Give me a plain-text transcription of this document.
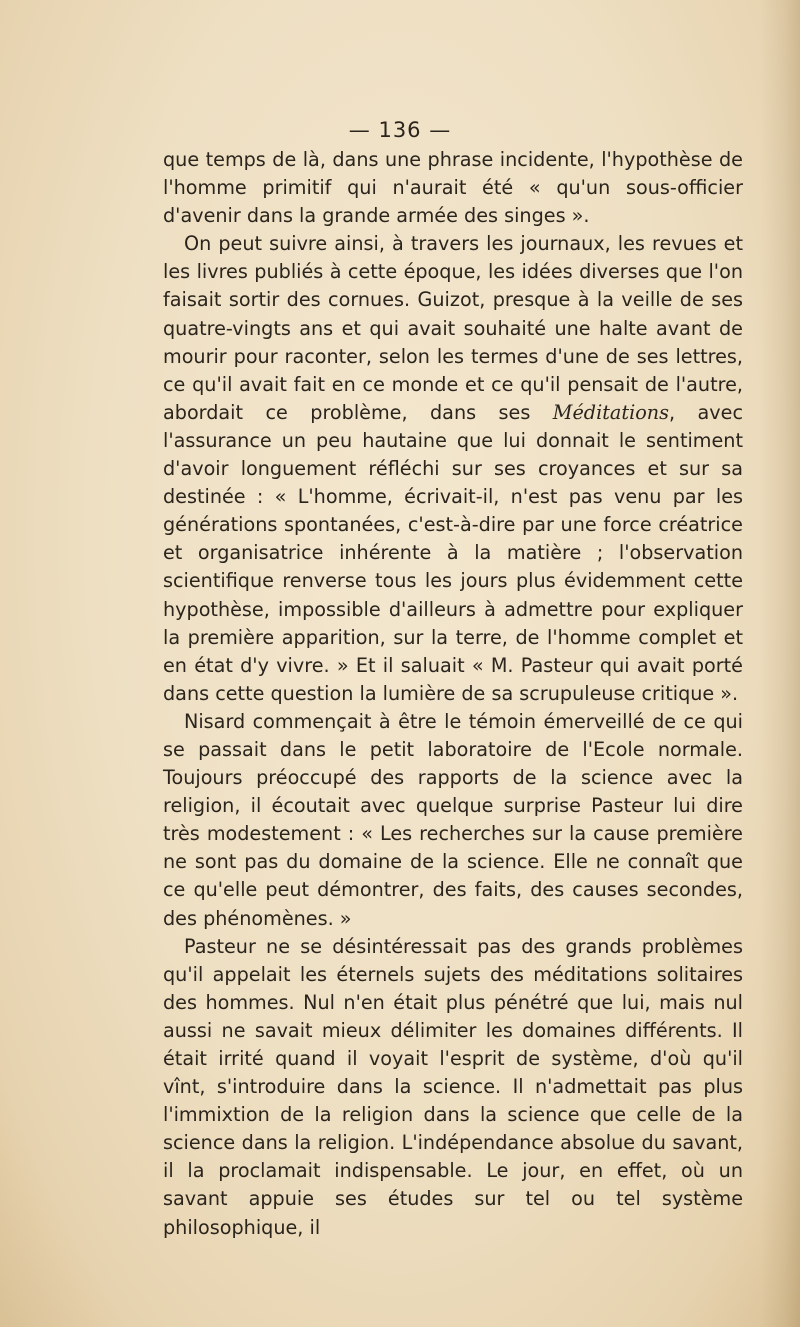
— 136 —

que temps de là, dans une phrase incidente, l'hypothèse de l'homme primitif qui n'aurait été « qu'un sous-officier d'avenir dans la grande armée des singes ».

On peut suivre ainsi, à travers les journaux, les revues et les livres publiés à cette époque, les idées diverses que l'on faisait sortir des cornues. Guizot, presque à la veille de ses quatre-vingts ans et qui avait souhaité une halte avant de mourir pour raconter, selon les termes d'une de ses lettres, ce qu'il avait fait en ce monde et ce qu'il pensait de l'autre, abordait ce problème, dans ses Méditations, avec l'assurance un peu hautaine que lui donnait le sentiment d'avoir longuement réfléchi sur ses croyances et sur sa destinée : « L'homme, écrivait-il, n'est pas venu par les générations spontanées, c'est-à-dire par une force créatrice et organisatrice inhérente à la matière ; l'observation scientifique renverse tous les jours plus évidemment cette hypothèse, impossible d'ailleurs à admettre pour expliquer la première apparition, sur la terre, de l'homme complet et en état d'y vivre. » Et il saluait « M. Pasteur qui avait porté dans cette question la lumière de sa scrupuleuse critique ».

Nisard commençait à être le témoin émerveillé de ce qui se passait dans le petit laboratoire de l'Ecole normale. Toujours préoccupé des rapports de la science avec la religion, il écoutait avec quelque surprise Pasteur lui dire très modestement : « Les recherches sur la cause première ne sont pas du domaine de la science. Elle ne connaît que ce qu'elle peut démontrer, des faits, des causes secondes, des phénomènes. »

Pasteur ne se désintéressait pas des grands problèmes qu'il appelait les éternels sujets des méditations solitaires des hommes. Nul n'en était plus pénétré que lui, mais nul aussi ne savait mieux délimiter les domaines différents. Il était irrité quand il voyait l'esprit de système, d'où qu'il vînt, s'introduire dans la science. Il n'admettait pas plus l'immixtion de la religion dans la science que celle de la science dans la religion. L'indépendance absolue du savant, il la proclamait indispensable. Le jour, en effet, où un savant appuie ses études sur tel ou tel système philosophique, il
